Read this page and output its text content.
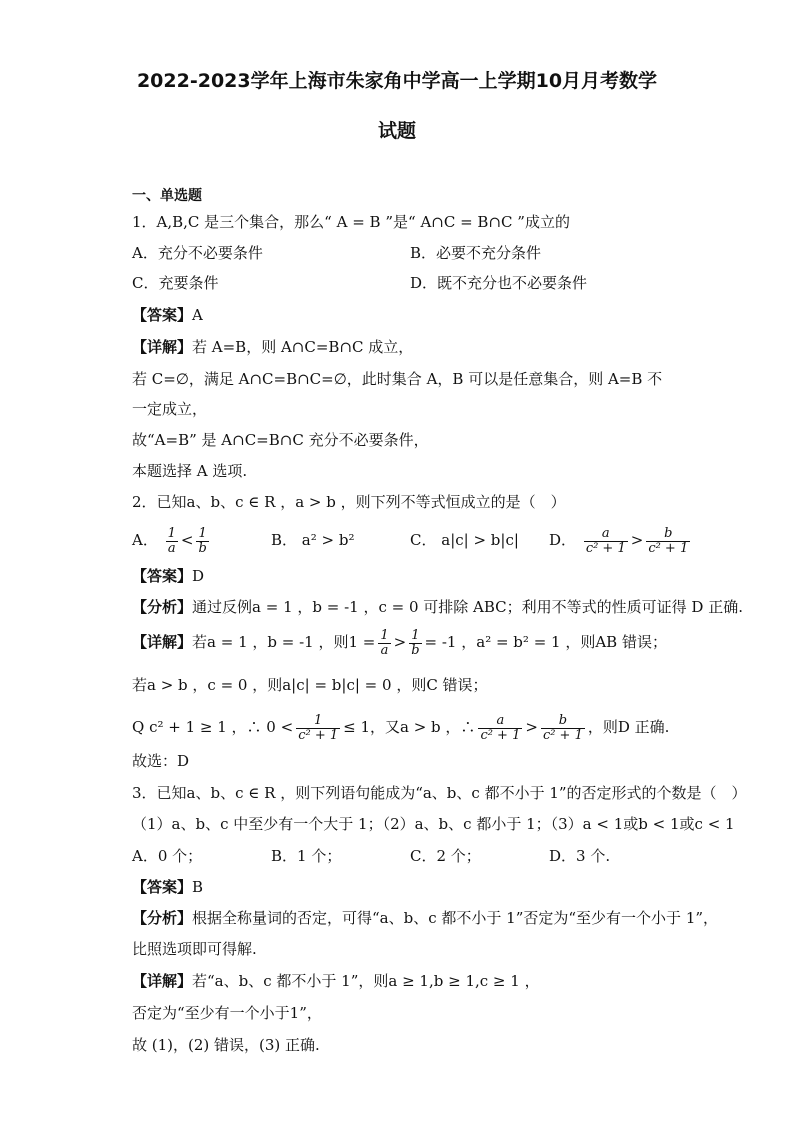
2022-2023学年上海市朱家角中学高一上学期10月月考数学
试题
一、单选题
1．A,B,C 是三个集合，那么“ A = B ”是“ A∩C = B∩C ”成立的
A．充分不必要条件	B．必要不充分条件
C．充要条件	D．既不充分也不必要条件
【答案】A
【详解】若 A=B，则 A∩C=B∩C 成立，
若 C=∅，满足 A∩C=B∩C=∅，此时集合 A，B 可以是任意集合，则 A=B 不
一定成立，
故“A=B” 是 A∩C=B∩C 充分不必要条件，
本题选择 A 选项.
2．已知a、b、c ∈ R ，a > b ，则下列不等式恒成立的是（　）
A． $\frac{1}{a} < \frac{1}{b}$	B． a² > b²	C． a|c| > b|c| D． $\frac{a}{\text{c² + 1}} > \frac{b}{\text{c² + 1}}$
【答案】D
【分析】通过反例a = 1 ，b = -1 ，c = 0 可排除 ABC；利用不等式的性质可证得 D 正确.
【详解】若a = 1 ，b = -1 ，则$1 = \frac{1}{a} > \frac{1}{b} = -1$ ，a² = b² = 1 ，则AB 错误；
若a > b ，c = 0 ，则a|c| = b|c| = 0 ，则C 错误；
Q c² + 1 ≥ 1 ，∴ $0 < \frac{1}{\text{c² + 1}} \le 1$，又a > b ，∴ $\frac{a}{\text{c² + 1}} > \frac{b}{\text{c² + 1}}$ ，则D 正确.
故选：D
3．已知a、b、c ∈ R ，则下列语句能成为“a、b、c 都不小于 1”的否定形式的个数是（　）
（1）a、b、c 中至少有一个大于 1；（2）a、b、c 都小于 1；（3）a < 1或b < 1或c < 1
A．0 个；	B．1 个；	C．2 个；	D．3 个.
【答案】B
【分析】根据全称量词的否定，可得“a、b、c 都不小于 1”否定为“至少有一个小于 1”，
比照选项即可得解.
【详解】若“a、b、c 都不小于 1”，则a ≥ 1,b ≥ 1,c ≥ 1 ，
否定为“至少有一个小于1”，
故 (1)，(2) 错误，(3) 正确.
